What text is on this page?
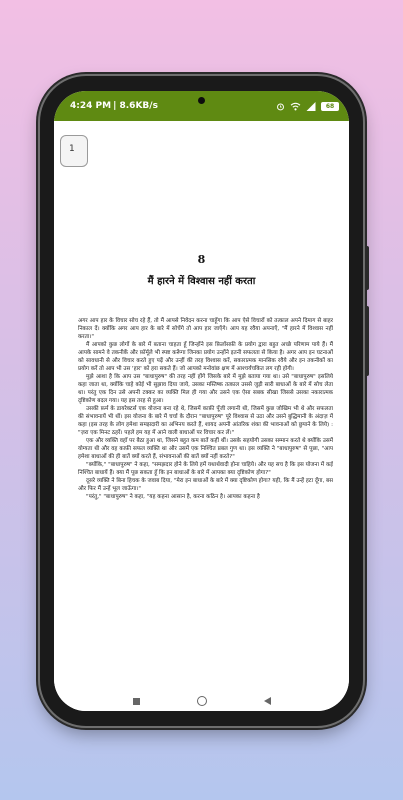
4:24 PM | 8.6KB/s	68
1
8
मैं हारने में विश्वास नहीं करता

अगर आप हार के विचार सोच रहे हैं, तो मैं आपसे निवेदन करना चाहूँगा कि आप ऐसे विचारों को तत्काल अपने दिमाग से बाहर निकाल दें। क्योंकि अगर आप हार के बारे में सोचेंगे तो आप हार जाएँगे। आप यह रवैया अपनाएँ, "मैं हारने में विश्वास नहीं करता।"

मैं आपको कुछ लोगों के बारे में बताना चाहता हूँ जिन्होंने इस फ़िलॉसफ़ी के प्रयोग द्वारा बहुत अच्छे परिणाम पाये हैं। मैं आपके सामने वे तकनीकें और फ़ॉर्मूले भी स्पष्ट करूँगा जिनका प्रयोग उन्होंने इतनी सफलता से किया है। अगर आप इन घटनाओं को सावधानी से और विचार करते हुए पढ़ें और उन्हीं की तरह विश्वास करें, सकारात्मक मानसिक रवैये और इन तकनीकों का प्रयोग करें तो आप भी उस 'हार' को हरा सकते हैं। जो आपको मनोवांछ क्षण में आश्चर्यचकित लग रही होगी।

मुझे आशा है कि आप उस "बाधापुरुष" की तरह नहीं होंगे जिसके बारे में मुझे बताया गया था। उसे "बाधापुरुष" इसलिये कहा जाता था, क्योंकि चाहे कोई भी सुझाव दिया जाये, उसका मस्तिष्क तत्काल उससे जुड़ी सारी बाधाओं के बारे में सोच लेता था। परंतु एक दिन उसे अपनी टक्कर का व्यक्ति मिल ही गया और उसने एक ऐसा सबक सीखा जिससे उसका नकारात्मक दृष्टिकोण बदल गया। यह इस तरह से हुआ।

उसकी फ़र्म के डायरेक्टर्स एक योजना बना रहे थे, जिसमें काफ़ी पूँजी लगानी थी, जिसमें कुछ जोखिम भी थे और सफलता की संभावनायें भी थीं। इस योजना के बारे में चर्चा के दौरान "बाधापुरुष" पूरे विश्वास से उठा और उसने बुद्धिमानी के अंदाज़ में कहा (इस तरह के लोग हमेशा समझदारी का अभिनय करते हैं, शायद अपनी आंतरिक शंका की भावनाओं को छुपाने के लिये) : "ज़रा एक मिनट ठहरें। पहले हम यह में आने वाली बाधाओं पर विचार कर लें।"

एक और व्यक्ति वहाँ पर बैठा हुआ था, जिसने बहुत कम बातें कहीं थीं। उसके सहयोगी उसका सम्मान करते थे क्योंकि उसमें योग्यता थी और वह काफ़ी सफल व्यक्ति था और उसमें एक निश्चित प्रबल गुण था। इस व्यक्ति ने "बाधापुरुष" से पूछा, "आप हमेशा बाधाओं की ही बातें क्यों करते हैं, संभावनाओं की बातें क्यों नहीं करते?"

"क्योंकि," "बाधापुरुष" ने कहा, "समझदार होने के लिये हमें यथार्थवादी होना चाहिये। और यह सच है कि इस योजना में कई निश्चित बाधायें हैं। क्या मैं पूछ सकता हूँ कि इन बाधाओं के बारे में आपका क्या दृष्टिकोण होगा?"

दूसरे व्यक्ति ने बिना हिचक के जवाब दिया, "मेरा इन बाधाओं के बारे में क्या दृष्टिकोण होगा? यही, कि मैं उन्हें हटा दूँगा, बस और फिर मैं उन्हें भूल जाऊँगा।"

"परंतु," "बाधापुरुष" ने कहा, "यह कहना आसान है, करना कठिन है। आपका कहना है
